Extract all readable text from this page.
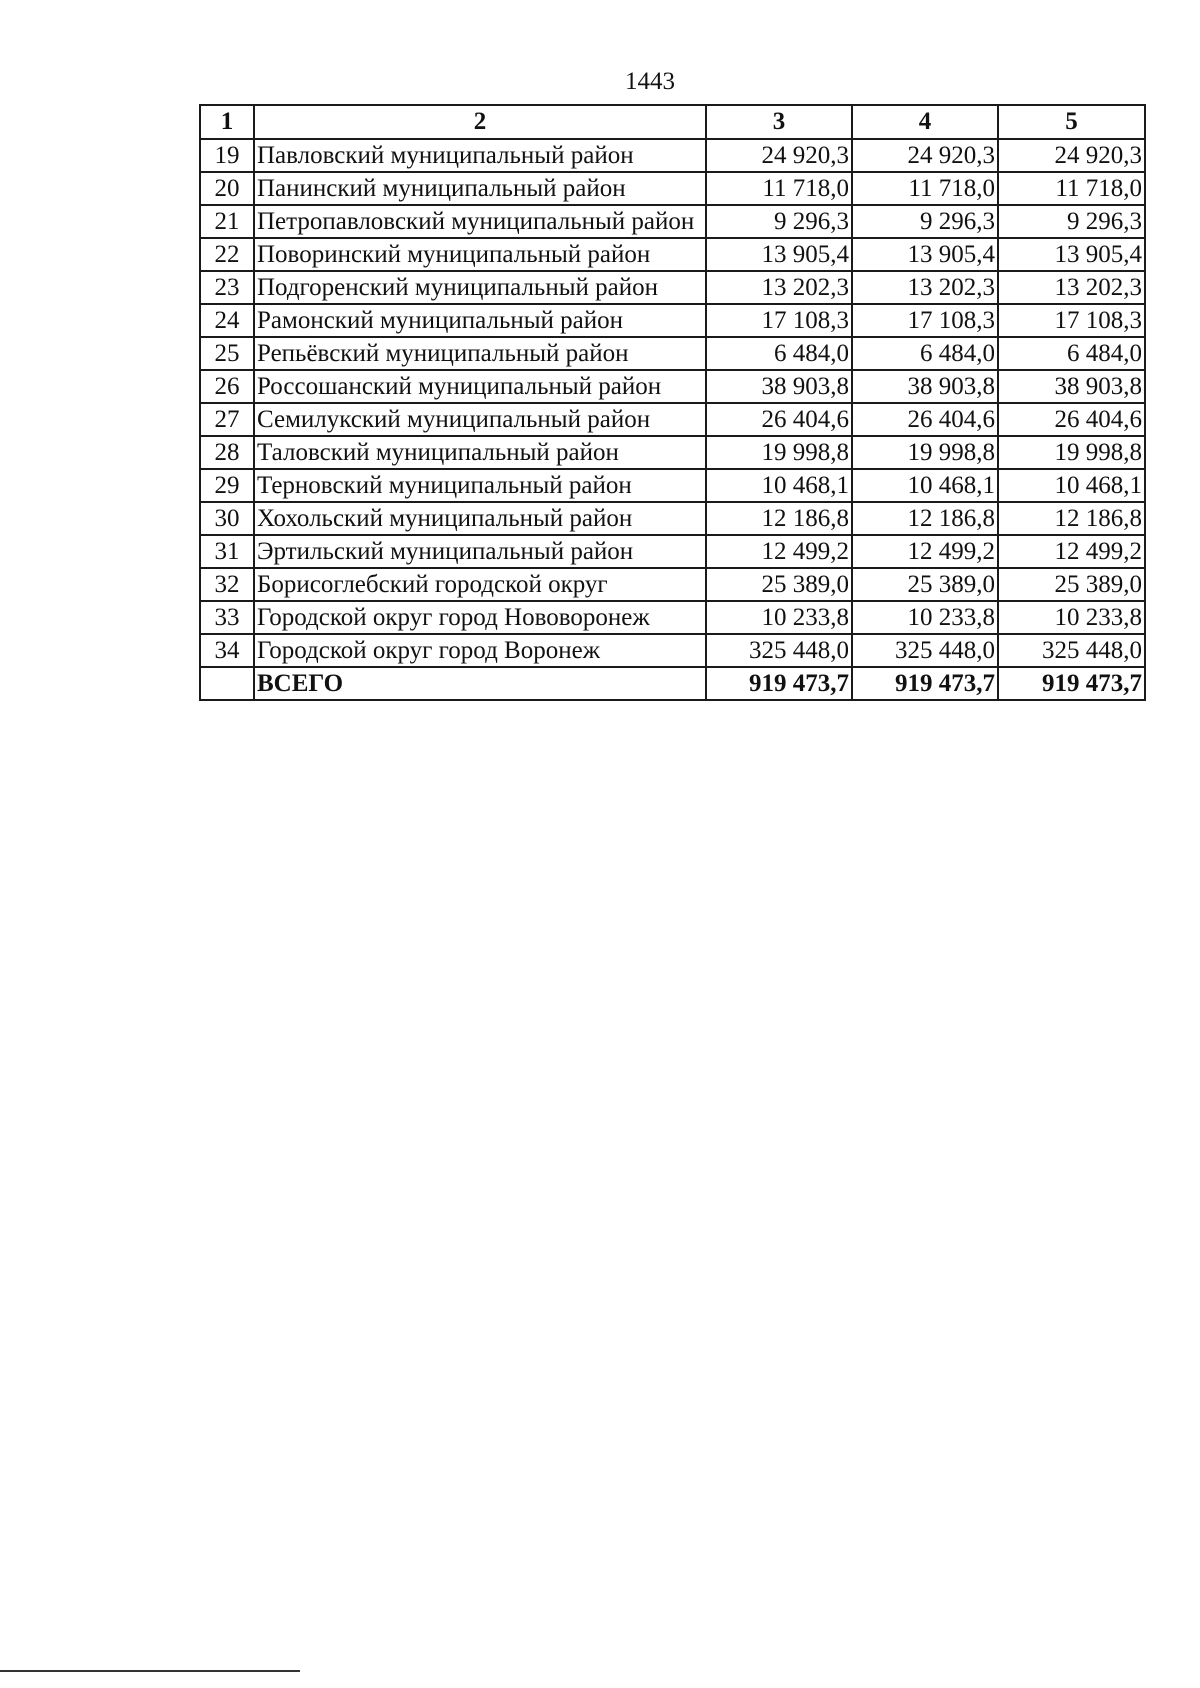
1443
1	2	3	4	5
19	Павловский муниципальный район	24 920,3	24 920,3	24 920,3
20	Панинский муниципальный район	11 718,0	11 718,0	11 718,0
21	Петропавловский муниципальный район	9 296,3	9 296,3	9 296,3
22	Поворинский муниципальный район	13 905,4	13 905,4	13 905,4
23	Подгоренский муниципальный район	13 202,3	13 202,3	13 202,3
24	Рамонский муниципальный район	17 108,3	17 108,3	17 108,3
25	Репьёвский муниципальный район	6 484,0	6 484,0	6 484,0
26	Россошанский муниципальный район	38 903,8	38 903,8	38 903,8
27	Семилукский муниципальный район	26 404,6	26 404,6	26 404,6
28	Таловский муниципальный район	19 998,8	19 998,8	19 998,8
29	Терновский муниципальный район	10 468,1	10 468,1	10 468,1
30	Хохольский муниципальный район	12 186,8	12 186,8	12 186,8
31	Эртильский муниципальный район	12 499,2	12 499,2	12 499,2
32	Борисоглебский городской округ	25 389,0	25 389,0	25 389,0
33	Городской округ город Нововоронеж	10 233,8	10 233,8	10 233,8
34	Городской округ город Воронеж	325 448,0	325 448,0	325 448,0
	ВСЕГО	919 473,7	919 473,7	919 473,7
